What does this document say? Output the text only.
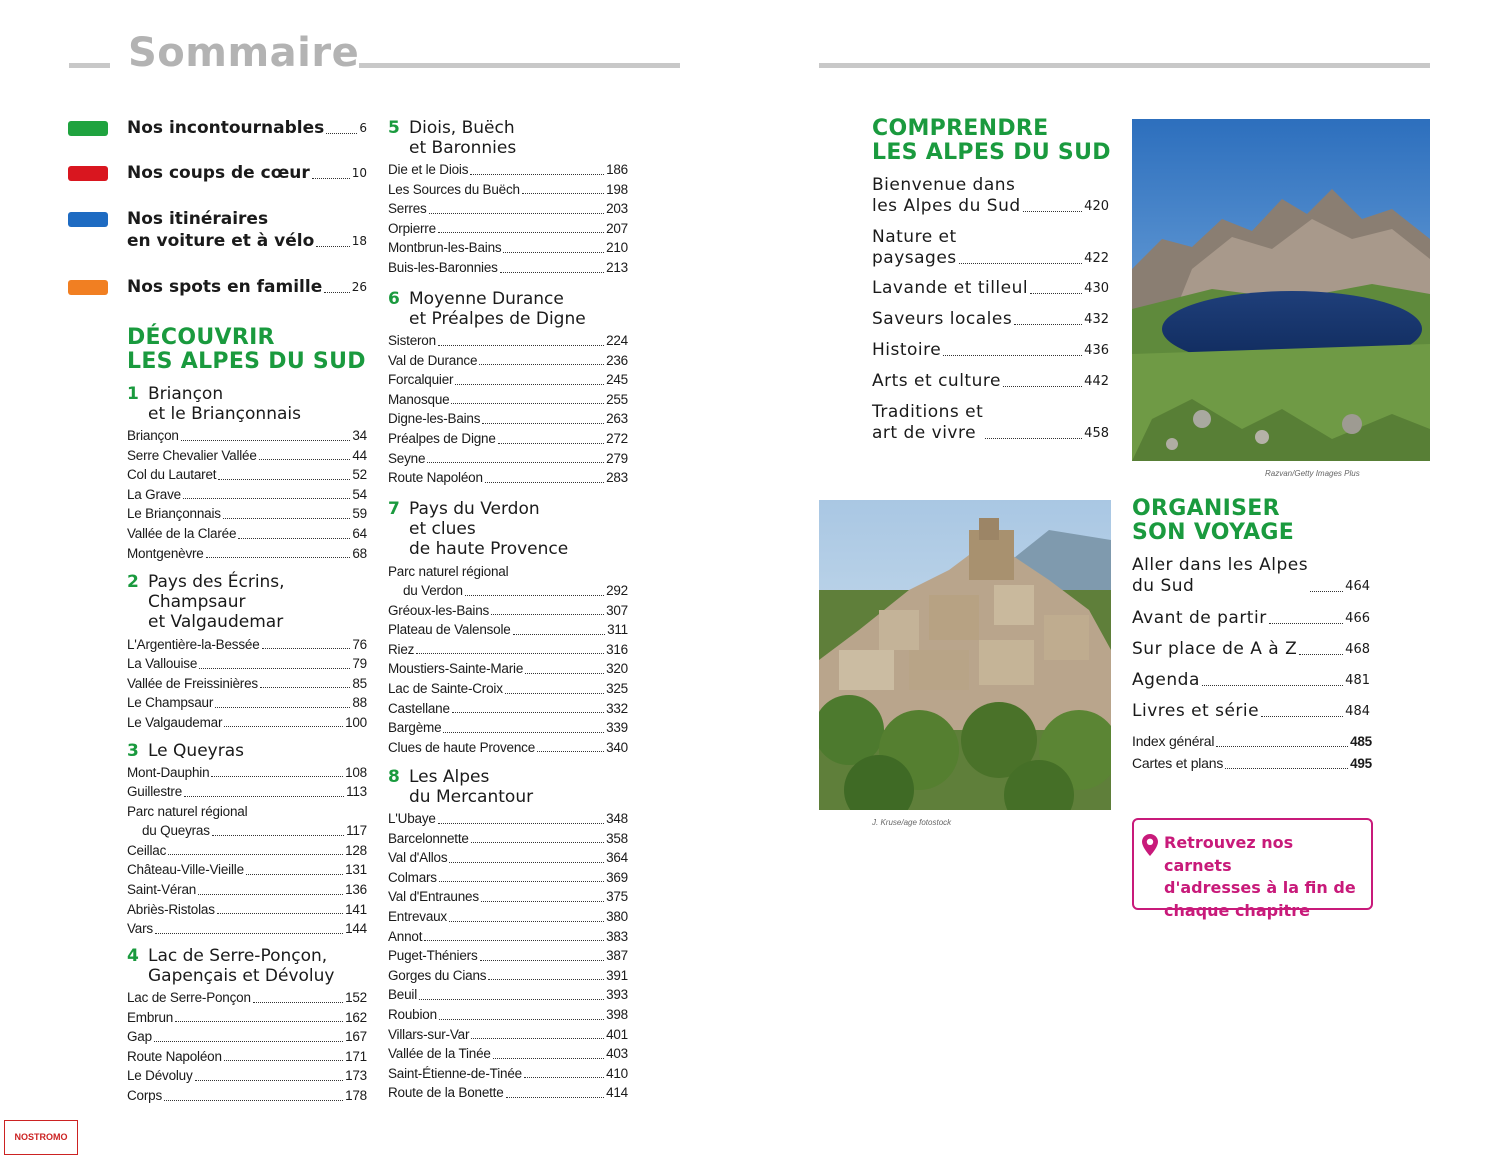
Sommaire
Nos incontournables	6
Nos coups de cœur	10
Nos itinéraires
en voiture et à vélo	18
Nos spots en famille 26
DÉCOUVRIR
LES ALPES DU SUD
1 Briançon
et le Briançonnais
Briançon	34
Serre Chevalier Vallée	44
Col du Lautaret	52
La Grave	54
Le Briançonnais	59
Vallée de la Clarée	64
Montgenèvre	68
2 Pays des Écrins,
Champsaur
et Valgaudemar
L'Argentière-la-Bessée	76
La Vallouise	79
Vallée de Freissinières	85
Le Champsaur	88
Le Valgaudemar	100
3 Le Queyras
Mont-Dauphin	108
Guillestre	113
Parc naturel régional
du Queyras	117
Ceillac	128
Château-Ville-Vieille	131
Saint-Véran	136
Abriès-Ristolas	141
Vars	144
4 Lac de Serre-Ponçon,
Gapençais et Dévoluy
Lac de Serre-Ponçon	152
Embrun	162
Gap	167
Route Napoléon	171
Le Dévoluy	173
Corps	178
5 Diois, Buëch
et Baronnies
Die et le Diois	186
Les Sources du Buëch	198
Serres	203
Orpierre	207
Montbrun-les-Bains	210
Buis-les-Baronnies	213
6 Moyenne Durance
et Préalpes de Digne
Sisteron	224
Val de Durance	236
Forcalquier	245
Manosque	255
Digne-les-Bains	263
Préalpes de Digne	272
Seyne	279
Route Napoléon	283
7 Pays du Verdon
et clues
de haute Provence
Parc naturel régional
du Verdon	292
Gréoux-les-Bains	307
Plateau de Valensole	311
Riez	316
Moustiers-Sainte-Marie	320
Lac de Sainte-Croix	325
Castellane	332
Bargème	339
Clues de haute Provence	340
8 Les Alpes
du Mercantour
L'Ubaye	348
Barcelonnette	358
Val d'Allos	364
Colmars	369
Val d'Entraunes	375
Entrevaux	380
Annot	383
Puget-Théniers	387
Gorges du Cians	391
Beuil	393
Roubion	398
Villars-sur-Var	401
Vallée de la Tinée	403
Saint-Étienne-de-Tinée	410
Route de la Bonette	414
COMPRENDRE
LES ALPES DU SUD
Bienvenue dans
les Alpes du Sud	420
Nature et
paysages	422
Lavande et tilleul	430
Saveurs locales	432
Histoire	436
Arts et culture	442
Traditions et
art de vivre	458
Razvan/Getty Images Plus
J. Kruse/age fotostock
ORGANISER
SON VOYAGE
Aller dans les Alpes
du Sud	464
Avant de partir	466
Sur place de A à Z	468
Agenda	481
Livres et série	484
Index général	485
Cartes et plans	495
Retrouvez nos carnets
d'adresses à la fin de
chaque chapitre
NOSTROMO
